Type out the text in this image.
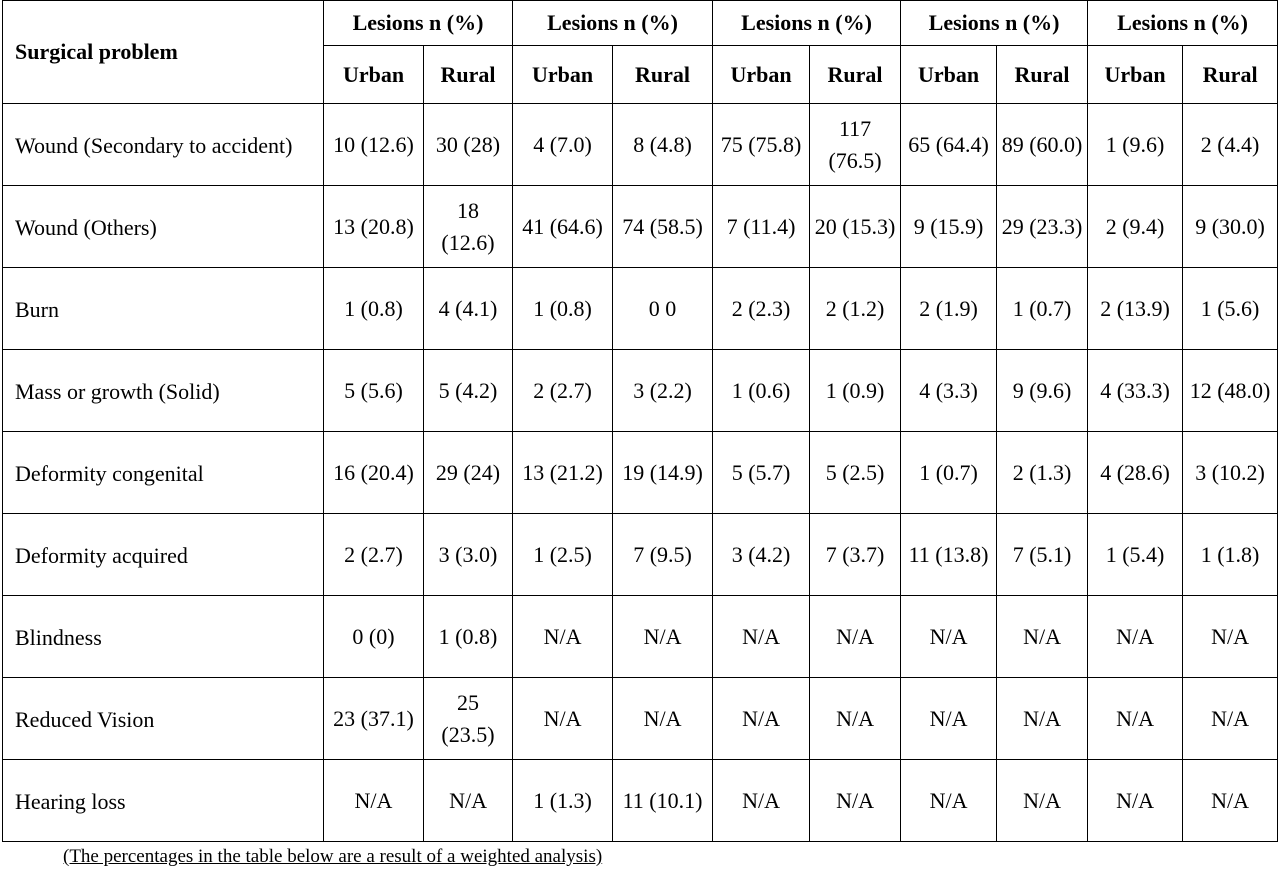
Surgical problem	Lesions n (%)		Lesions n (%)		Lesions n (%)		Lesions n (%)		Lesions n (%)	
	Urban	Rural	Urban	Rural	Urban	Rural	Urban	Rural	Urban	Rural
Wound (Secondary to accident)	10 (12.6)	30 (28)	4 (7.0)	8 (4.8)	75 (75.8)	117 (76.5)	65 (64.4)	89 (60.0)	1 (9.6)	2 (4.4)
Wound (Others)	13 (20.8)	18 (12.6)	41 (64.6)	74 (58.5)	7 (11.4)	20 (15.3)	9 (15.9)	29 (23.3)	2 (9.4)	9 (30.0)
Burn	1 (0.8)	4 (4.1)	1 (0.8)	0 0	2 (2.3)	2 (1.2)	2 (1.9)	1 (0.7)	2 (13.9)	1 (5.6)
Mass or growth (Solid)	5 (5.6)	5 (4.2)	2 (2.7)	3 (2.2)	1 (0.6)	1 (0.9)	4 (3.3)	9 (9.6)	4 (33.3)	12 (48.0)
Deformity congenital	16 (20.4)	29 (24)	13 (21.2)	19 (14.9)	5 (5.7)	5 (2.5)	1 (0.7)	2 (1.3)	4 (28.6)	3 (10.2)
Deformity acquired	2 (2.7)	3 (3.0)	1 (2.5)	7 (9.5)	3 (4.2)	7 (3.7)	11 (13.8)	7 (5.1)	1 (5.4)	1 (1.8)
Blindness	0 (0)	1 (0.8)	N/A	N/A	N/A	N/A	N/A	N/A	N/A	N/A
Reduced Vision	23 (37.1)	25 (23.5)	N/A	N/A	N/A	N/A	N/A	N/A	N/A	N/A
Hearing loss	N/A	N/A	1 (1.3)	11 (10.1)	N/A	N/A	N/A	N/A	N/A	N/A
(The percentages in the table below are a result of a weighted analysis)
